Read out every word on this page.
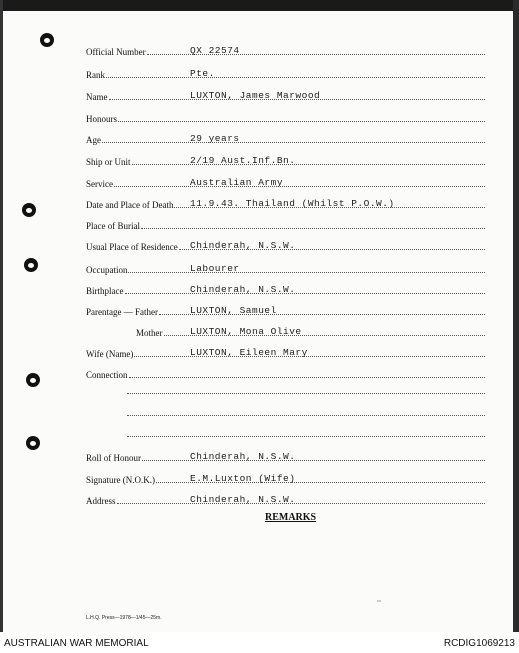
Official Number	QX 22574
Rank	Pte.
Name	LUXTON, James Marwood
Honours
Age	29 years
Ship or Unit	2/19 Aust.Inf.Bn.
Service	Australian Army
Date and Place of Death 11.9.43. Thailand (Whilst P.O.W.)
Place of Burial
Usual Place of Residence Chinderah, N.S.W.
Occupation	Labourer
Birthplace	Chinderah, N.S.W.
Parentage — Father	LUXTON, Samuel
Mother	LUXTON, Mona Olive
Wife (Name)	LUXTON, Eileen Mary
Connection
Roll of Honour	Chinderah, N.S.W.
Signature (N.O.K.)	E.M.Luxton (Wife)
Address	Chinderah, N.S.W.
REMARKS
°°
L.H.Q. Press—1978—1/45—25m.
AUSTRALIAN WAR MEMORIAL	RCDIG1069213
